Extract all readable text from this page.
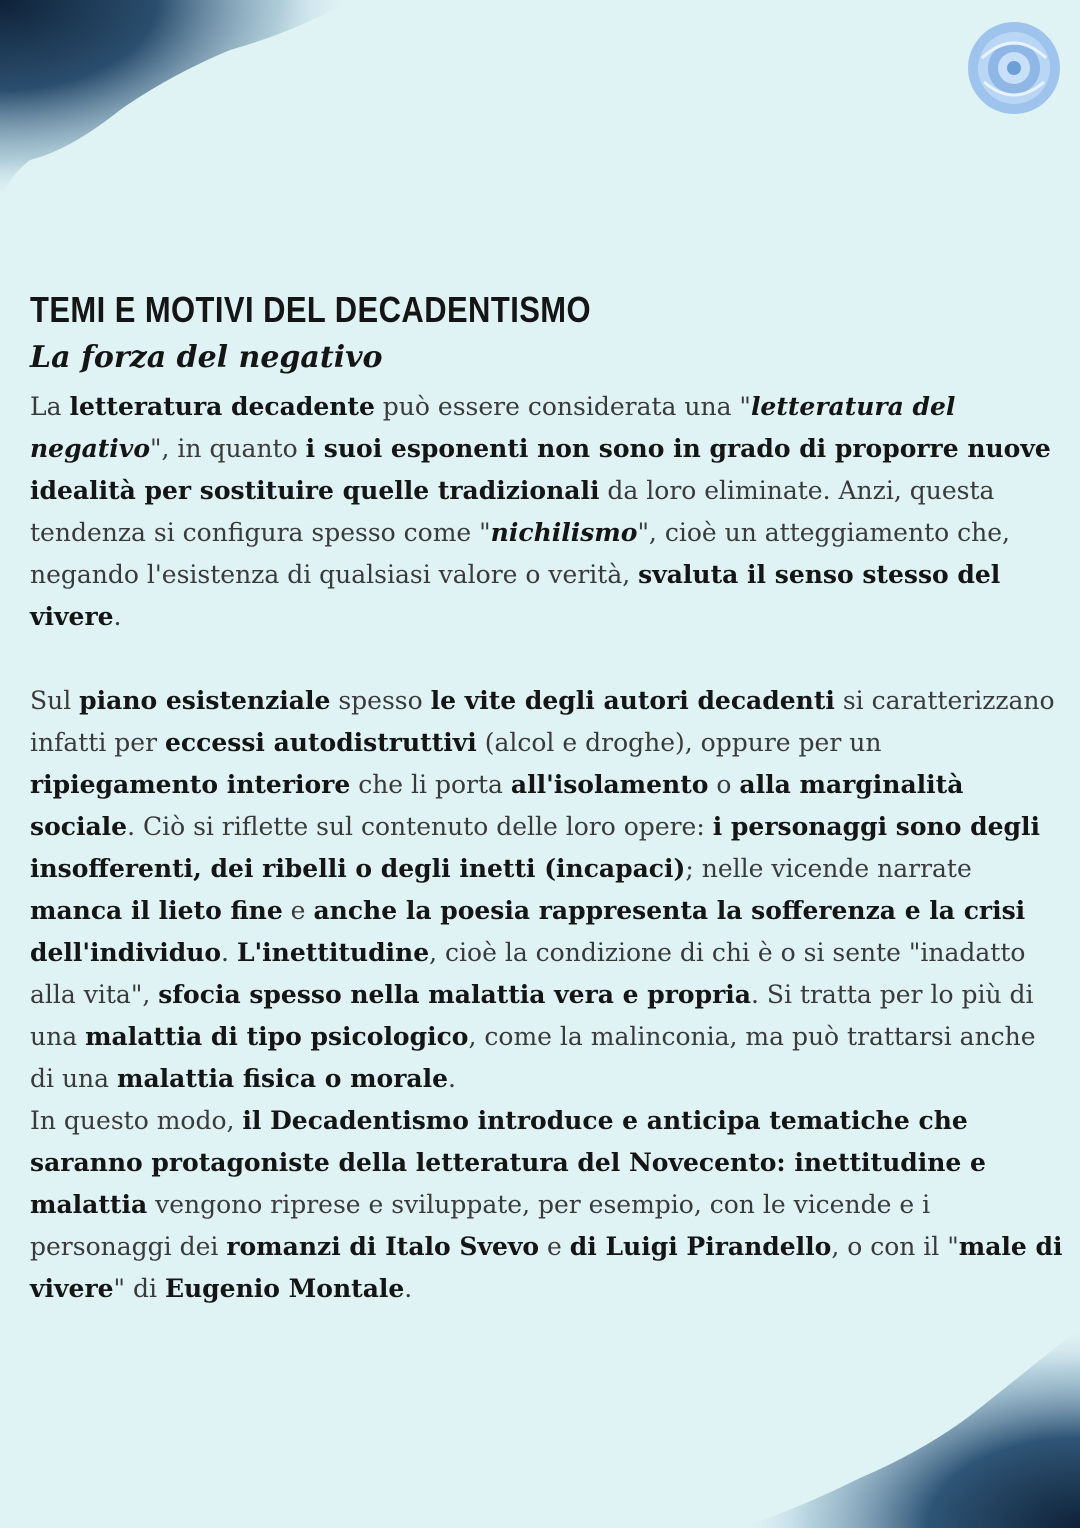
TEMI E MOTIVI DEL DECADENTISMO
La forza del negativo

La letteratura decadente può essere considerata una "letteratura del negativo", in quanto i suoi esponenti non sono in grado di proporre nuove idealità per sostituire quelle tradizionali da loro eliminate. Anzi, questa tendenza si configura spesso come "nichilismo", cioè un atteggiamento che, negando l'esistenza di qualsiasi valore o verità, svaluta il senso stesso del vivere.

Sul piano esistenziale spesso le vite degli autori decadenti si caratterizzano infatti per eccessi autodistruttivi (alcol e droghe), oppure per un ripiegamento interiore che li porta all'isolamento o alla marginalità sociale. Ciò si riflette sul contenuto delle loro opere: i personaggi sono degli insofferenti, dei ribelli o degli inetti (incapaci); nelle vicende narrate manca il lieto fine e anche la poesia rappresenta la sofferenza e la crisi dell'individuo. L'inettitudine, cioè la condizione di chi è o si sente "inadatto alla vita", sfocia spesso nella malattia vera e propria. Si tratta per lo più di una malattia di tipo psicologico, come la malinconia, ma può trattarsi anche di una malattia fisica o morale.

In questo modo, il Decadentismo introduce e anticipa tematiche che saranno protagoniste della letteratura del Novecento: inettitudine e malattia vengono riprese e sviluppate, per esempio, con le vicende e i personaggi dei romanzi di Italo Svevo e di Luigi Pirandello, o con il "male di vivere" di Eugenio Montale.
